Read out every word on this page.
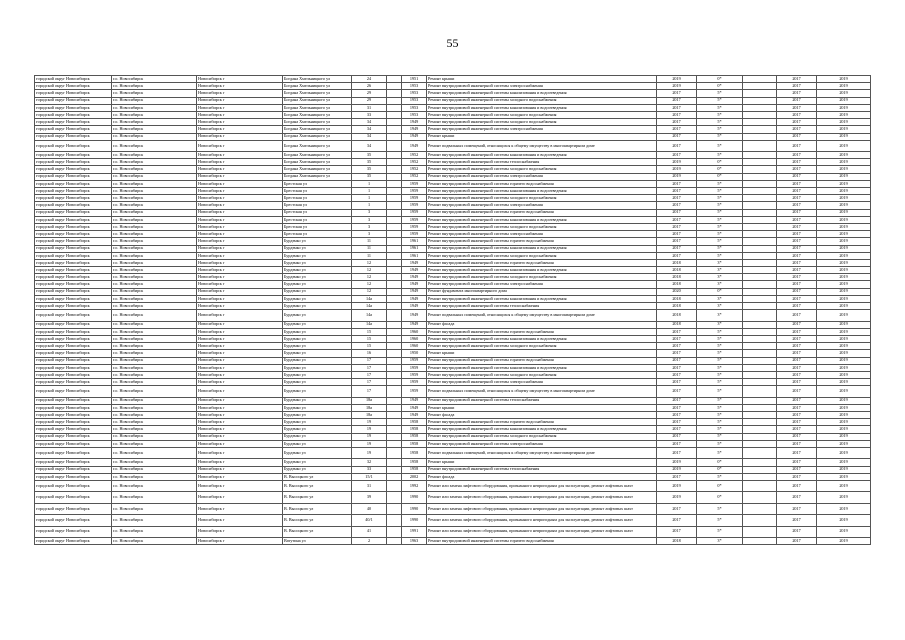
55
городской округ Новосибирск	г.о. Новосибирск	Новосибирск г	Богдана Хмельницкого ул	24		1951	Ремонт крыши	2019	0*		2017	2019
городской округ Новосибирск	г.о. Новосибирск	Новосибирск г	Богдана Хмельницкого ул	26		1953	Ремонт внутридомовой инженерной системы электроснабжения	2019	0*		2017	2019
городской округ Новосибирск	г.о. Новосибирск	Новосибирск г	Богдана Хмельницкого ул	29		1953	Ремонт внутридомовой инженерной системы канализования и водоотведения	2017	5*		2017	2019
городской округ Новосибирск	г.о. Новосибирск	Новосибирск г	Богдана Хмельницкого ул	29		1953	Ремонт внутридомовой инженерной системы холодного водоснабжения	2017	5*		2017	2019
городской округ Новосибирск	г.о. Новосибирск	Новосибирск г	Богдана Хмельницкого ул	31		1953	Ремонт внутридомовой инженерной системы канализования и водоотведения	2017	5*		2017	2019
городской округ Новосибирск	г.о. Новосибирск	Новосибирск г	Богдана Хмельницкого ул	33		1953	Ремонт внутридомовой инженерной системы холодного водоснабжения	2017	5*		2017	2019
городской округ Новосибирск	г.о. Новосибирск	Новосибирск г	Богдана Хмельницкого ул	34		1949	Ремонт внутридомовой инженерной системы холодного водоснабжения	2017	5*		2017	2019
городской округ Новосибирск	г.о. Новосибирск	Новосибирск г	Богдана Хмельницкого ул	34		1949	Ремонт внутридомовой инженерной системы электроснабжения	2017	5*		2017	2019
городской округ Новосибирск	г.о. Новосибирск	Новосибирск г	Богдана Хмельницкого ул	34		1949	Ремонт крыши	2017	5*		2017	2019
городской округ Новосибирск	г.о. Новосибирск	Новосибирск г	Богдана Хмельницкого ул	34		1949	Ремонт подвальных помещений, относящихся к общему имуществу в многоквартирном доме	2017	5*		2017	2019
городской округ Новосибирск	г.о. Новосибирск	Новосибирск г	Богдана Хмельницкого ул	35		1952	Ремонт внутридомовой инженерной системы канализования и водоотведения	2017	5*		2017	2019
городской округ Новосибирск	г.о. Новосибирск	Новосибирск г	Богдана Хмельницкого ул	35		1952	Ремонт внутридомовой инженерной системы теплоснабжения	2019	0*		2017	2019
городской округ Новосибирск	г.о. Новосибирск	Новосибирск г	Богдана Хмельницкого ул	35		1952	Ремонт внутридомовой инженерной системы холодного водоснабжения	2019	0*		2017	2019
городской округ Новосибирск	г.о. Новосибирск	Новосибирск г	Богдана Хмельницкого ул	35		1952	Ремонт внутридомовой инженерной системы электроснабжения	2019	0*		2017	2019
городской округ Новосибирск	г.о. Новосибирск	Новосибирск г	Брестская ул	1		1959	Ремонт внутридомовой инженерной системы горячего водоснабжения	2017	5*		2017	2019
городской округ Новосибирск	г.о. Новосибирск	Новосибирск г	Брестская ул	1		1959	Ремонт внутридомовой инженерной системы канализования и водоотведения	2017	5*		2017	2019
городской округ Новосибирск	г.о. Новосибирск	Новосибирск г	Брестская ул	1		1959	Ремонт внутридомовой инженерной системы холодного водоснабжения	2017	5*		2017	2019
городской округ Новосибирск	г.о. Новосибирск	Новосибирск г	Брестская ул	1		1959	Ремонт внутридомовой инженерной системы электроснабжения	2017	5*		2017	2019
городской округ Новосибирск	г.о. Новосибирск	Новосибирск г	Брестская ул	3		1959	Ремонт внутридомовой инженерной системы горячего водоснабжения	2017	5*		2017	2019
городской округ Новосибирск	г.о. Новосибирск	Новосибирск г	Брестская ул	3		1959	Ремонт внутридомовой инженерной системы канализования и водоотведения	2017	5*		2017	2019
городской округ Новосибирск	г.о. Новосибирск	Новосибирск г	Брестская ул	3		1959	Ремонт внутридомовой инженерной системы холодного водоснабжения	2017	5*		2017	2019
городской округ Новосибирск	г.о. Новосибирск	Новосибирск г	Брестская ул	3		1959	Ремонт внутридомовой инженерной системы электроснабжения	2017	5*		2017	2019
городской округ Новосибирск	г.о. Новосибирск	Новосибирск г	Бурденко ул	11		1961	Ремонт внутридомовой инженерной системы горячего водоснабжения	2017	5*		2017	2019
городской округ Новосибирск	г.о. Новосибирск	Новосибирск г	Бурденко ул	11		1961	Ремонт внутридомовой инженерной системы канализования и водоотведения	2017	5*		2017	2019
городской округ Новосибирск	г.о. Новосибирск	Новосибирск г	Бурденко ул	11		1961	Ремонт внутридомовой инженерной системы холодного водоснабжения	2017	5*		2017	2019
городской округ Новосибирск	г.о. Новосибирск	Новосибирск г	Бурденко ул	12		1949	Ремонт внутридомовой инженерной системы горячего водоснабжения	2018	3*		2017	2019
городской округ Новосибирск	г.о. Новосибирск	Новосибирск г	Бурденко ул	12		1949	Ремонт внутридомовой инженерной системы канализования и водоотведения	2018	3*		2017	2019
городской округ Новосибирск	г.о. Новосибирск	Новосибирск г	Бурденко ул	12		1949	Ремонт внутридомовой инженерной системы холодного водоснабжения	2018	3*		2017	2019
городской округ Новосибирск	г.о. Новосибирск	Новосибирск г	Бурденко ул	12		1949	Ремонт внутридомовой инженерной системы электроснабжения	2018	3*		2017	2019
городской округ Новосибирск	г.о. Новосибирск	Новосибирск г	Бурденко ул	12		1949	Ремонт фундамента многоквартирного дома	2020	0*		2017	2019
городской округ Новосибирск	г.о. Новосибирск	Новосибирск г	Бурденко ул	14а		1949	Ремонт внутридомовой инженерной системы канализования и водоотведения	2018	3*		2017	2019
городской округ Новосибирск	г.о. Новосибирск	Новосибирск г	Бурденко ул	14а		1949	Ремонт внутридомовой инженерной системы теплоснабжения	2018	3*		2017	2019
городской округ Новосибирск	г.о. Новосибирск	Новосибирск г	Бурденко ул	14а		1949	Ремонт подвальных помещений, относящихся к общему имуществу в многоквартирном доме	2018	3*		2017	2019
городской округ Новосибирск	г.о. Новосибирск	Новосибирск г	Бурденко ул	14а		1949	Ремонт фасада	2018	3*		2017	2019
городской округ Новосибирск	г.о. Новосибирск	Новосибирск г	Бурденко ул	15		1960	Ремонт внутридомовой инженерной системы горячего водоснабжения	2017	5*		2017	2019
городской округ Новосибирск	г.о. Новосибирск	Новосибирск г	Бурденко ул	15		1960	Ремонт внутридомовой инженерной системы канализования и водоотведения	2017	5*		2017	2019
городской округ Новосибирск	г.о. Новосибирск	Новосибирск г	Бурденко ул	15		1960	Ремонт внутридомовой инженерной системы холодного водоснабжения	2017	5*		2017	2019
городской округ Новосибирск	г.о. Новосибирск	Новосибирск г	Бурденко ул	16		1950	Ремонт крыши	2017	5*		2017	2019
городской округ Новосибирск	г.о. Новосибирск	Новосибирск г	Бурденко ул	17		1959	Ремонт внутридомовой инженерной системы горячего водоснабжения	2017	5*		2017	2019
городской округ Новосибирск	г.о. Новосибирск	Новосибирск г	Бурденко ул	17		1959	Ремонт внутридомовой инженерной системы канализования и водоотведения	2017	5*		2017	2019
городской округ Новосибирск	г.о. Новосибирск	Новосибирск г	Бурденко ул	17		1959	Ремонт внутридомовой инженерной системы холодного водоснабжения	2017	5*		2017	2019
городской округ Новосибирск	г.о. Новосибирск	Новосибирск г	Бурденко ул	17		1959	Ремонт внутридомовой инженерной системы электроснабжения	2017	5*		2017	2019
городской округ Новосибирск	г.о. Новосибирск	Новосибирск г	Бурденко ул	17		1959	Ремонт подвальных помещений, относящихся к общему имуществу в многоквартирном доме	2017	5*		2017	2019
городской округ Новосибирск	г.о. Новосибирск	Новосибирск г	Бурденко ул	18а		1949	Ремонт внутридомовой инженерной системы теплоснабжения	2017	5*		2017	2019
городской округ Новосибирск	г.о. Новосибирск	Новосибирск г	Бурденко ул	18а		1949	Ремонт крыши	2017	5*		2017	2019
городской округ Новосибирск	г.о. Новосибирск	Новосибирск г	Бурденко ул	18а		1949	Ремонт фасада	2017	5*		2017	2019
городской округ Новосибирск	г.о. Новосибирск	Новосибирск г	Бурденко ул	19		1958	Ремонт внутридомовой инженерной системы горячего водоснабжения	2017	5*		2017	2019
городской округ Новосибирск	г.о. Новосибирск	Новосибирск г	Бурденко ул	19		1958	Ремонт внутридомовой инженерной системы канализования и водоотведения	2017	5*		2017	2019
городской округ Новосибирск	г.о. Новосибирск	Новосибирск г	Бурденко ул	19		1958	Ремонт внутридомовой инженерной системы холодного водоснабжения	2017	5*		2017	2019
городской округ Новосибирск	г.о. Новосибирск	Новосибирск г	Бурденко ул	19		1958	Ремонт внутридомовой инженерной системы электроснабжения	2017	5*		2017	2019
городской округ Новосибирск	г.о. Новосибирск	Новосибирск г	Бурденко ул	19		1958	Ремонт подвальных помещений, относящихся к общему имуществу в многоквартирном доме	2017	5*		2017	2019
городской округ Новосибирск	г.о. Новосибирск	Новосибирск г	Бурденко ул	32		1958	Ремонт крыши	2019	0*		2017	2019
городской округ Новосибирск	г.о. Новосибирск	Новосибирск г	Бурденко ул	33		1958	Ремонт внутридомовой инженерной системы теплоснабжения	2019	0*		2017	2019
городской округ Новосибирск	г.о. Новосибирск	Новосибирск г	В. Высоцкого ул	15/1		2002	Ремонт фасада	2017	5*		2017	2019
городской округ Новосибирск	г.о. Новосибирск	Новосибирск г	В. Высоцкого ул	31		1992	Ремонт или замена лифтового оборудования, признанного непригодным для эксплуатации, ремонт лифтовых шахт	2019	0*		2017	2019
городской округ Новосибирск	г.о. Новосибирск	Новосибирск г	В. Высоцкого ул	39		1990	Ремонт или замена лифтового оборудования, признанного непригодным для эксплуатации, ремонт лифтовых шахт	2019	0*		2017	2019
городской округ Новосибирск	г.о. Новосибирск	Новосибирск г	В. Высоцкого ул	40		1990	Ремонт или замена лифтового оборудования, признанного непригодным для эксплуатации, ремонт лифтовых шахт	2017	5*		2017	2019
городской округ Новосибирск	г.о. Новосибирск	Новосибирск г	В. Высоцкого ул	40/1		1990	Ремонт или замена лифтового оборудования, признанного непригодным для эксплуатации, ремонт лифтовых шахт	2017	5*		2017	2019
городской округ Новосибирск	г.о. Новосибирск	Новосибирск г	В. Высоцкого ул	41		1991	Ремонт или замена лифтового оборудования, признанного непригодным для эксплуатации, ремонт лифтовых шахт	2017	5*		2017	2019
городской округ Новосибирск	г.о. Новосибирск	Новосибирск г	Ватутина ул	2		1963	Ремонт внутридомовой инженерной системы горячего водоснабжения	2018	3*		2017	2019
